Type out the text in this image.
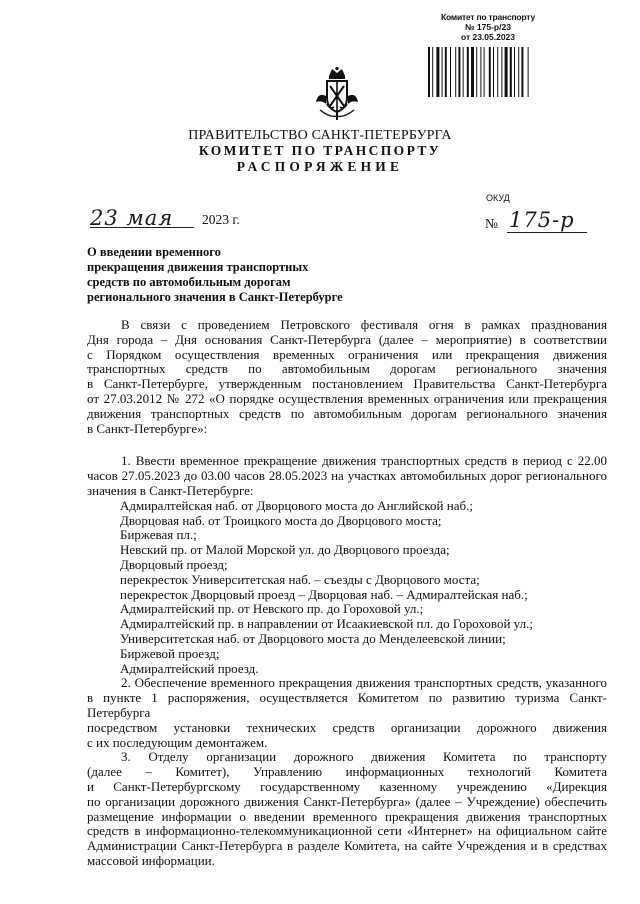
Комитет по транспорту
№ 175-р/23
от 23.05.2023
ПРАВИТЕЛЬСТВО САНКТ-ПЕТЕРБУРГА
КОМИТЕТ ПО ТРАНСПОРТУ
РАСПОРЯЖЕНИЕ
ОКУД
23 мая 2023 г.	№ 175-р
О введении временного
прекращения движения транспортных
средств по автомобильным дорогам
регионального значения в Санкт-Петербурге

В связи с проведением Петровского фестиваля огня в рамках празднования

Дня города – Дня основания Санкт-Петербурга (далее – мероприятие) в соответствии

с Порядком осуществления временных ограничения или прекращения движения

транспортных средств по автомобильным дорогам регионального значения

в Санкт-Петербурге, утвержденным постановлением Правительства Санкт-Петербурга

от 27.03.2012 № 272 «О порядке осуществления временных ограничения или прекращения

движения транспортных средств по автомобильным дорогам регионального значения

в Санкт-Петербурге»:

1. Ввести временное прекращение движения транспортных средств в период с 22.00

часов 27.05.2023 до 03.00 часов 28.05.2023 на участках автомобильных дорог регионального

значения в Санкт-Петербурге:

Адмиралтейская наб. от Дворцового моста до Английской наб.;

Дворцовая наб. от Троицкого моста до Дворцового моста;

Биржевая пл.;

Невский пр. от Малой Морской ул. до Дворцового проезда;

Дворцовый проезд;

перекресток Университетская наб. – съезды с Дворцового моста;

перекресток Дворцовый проезд – Дворцовая наб. – Адмиралтейская наб.;

Адмиралтейский пр. от Невского пр. до Гороховой ул.;

Адмиралтейский пр. в направлении от Исаакиевской пл. до Гороховой ул.;

Университетская наб. от Дворцового моста до Менделеевской линии;

Биржевой проезд;

Адмиралтейский проезд.

2. Обеспечение временного прекращения движения транспортных средств, указанного

в пункте 1 распоряжения, осуществляется Комитетом по развитию туризма Санкт-Петербурга

посредством установки технических средств организации дорожного движения

с их последующим демонтажем.

3. Отделу организации дорожного движения Комитета по транспорту

(далее – Комитет), Управлению информационных технологий Комитета

и Санкт-Петербургскому государственному казенному учреждению «Дирекция

по организации дорожного движения Санкт-Петербурга» (далее – Учреждение) обеспечить

размещение информации о введении временного прекращения движения транспортных

средств в информационно-телекоммуникационной сети «Интернет» на официальном сайте

Администрации Санкт-Петербурга в разделе Комитета, на сайте Учреждения и в средствах

массовой информации.
